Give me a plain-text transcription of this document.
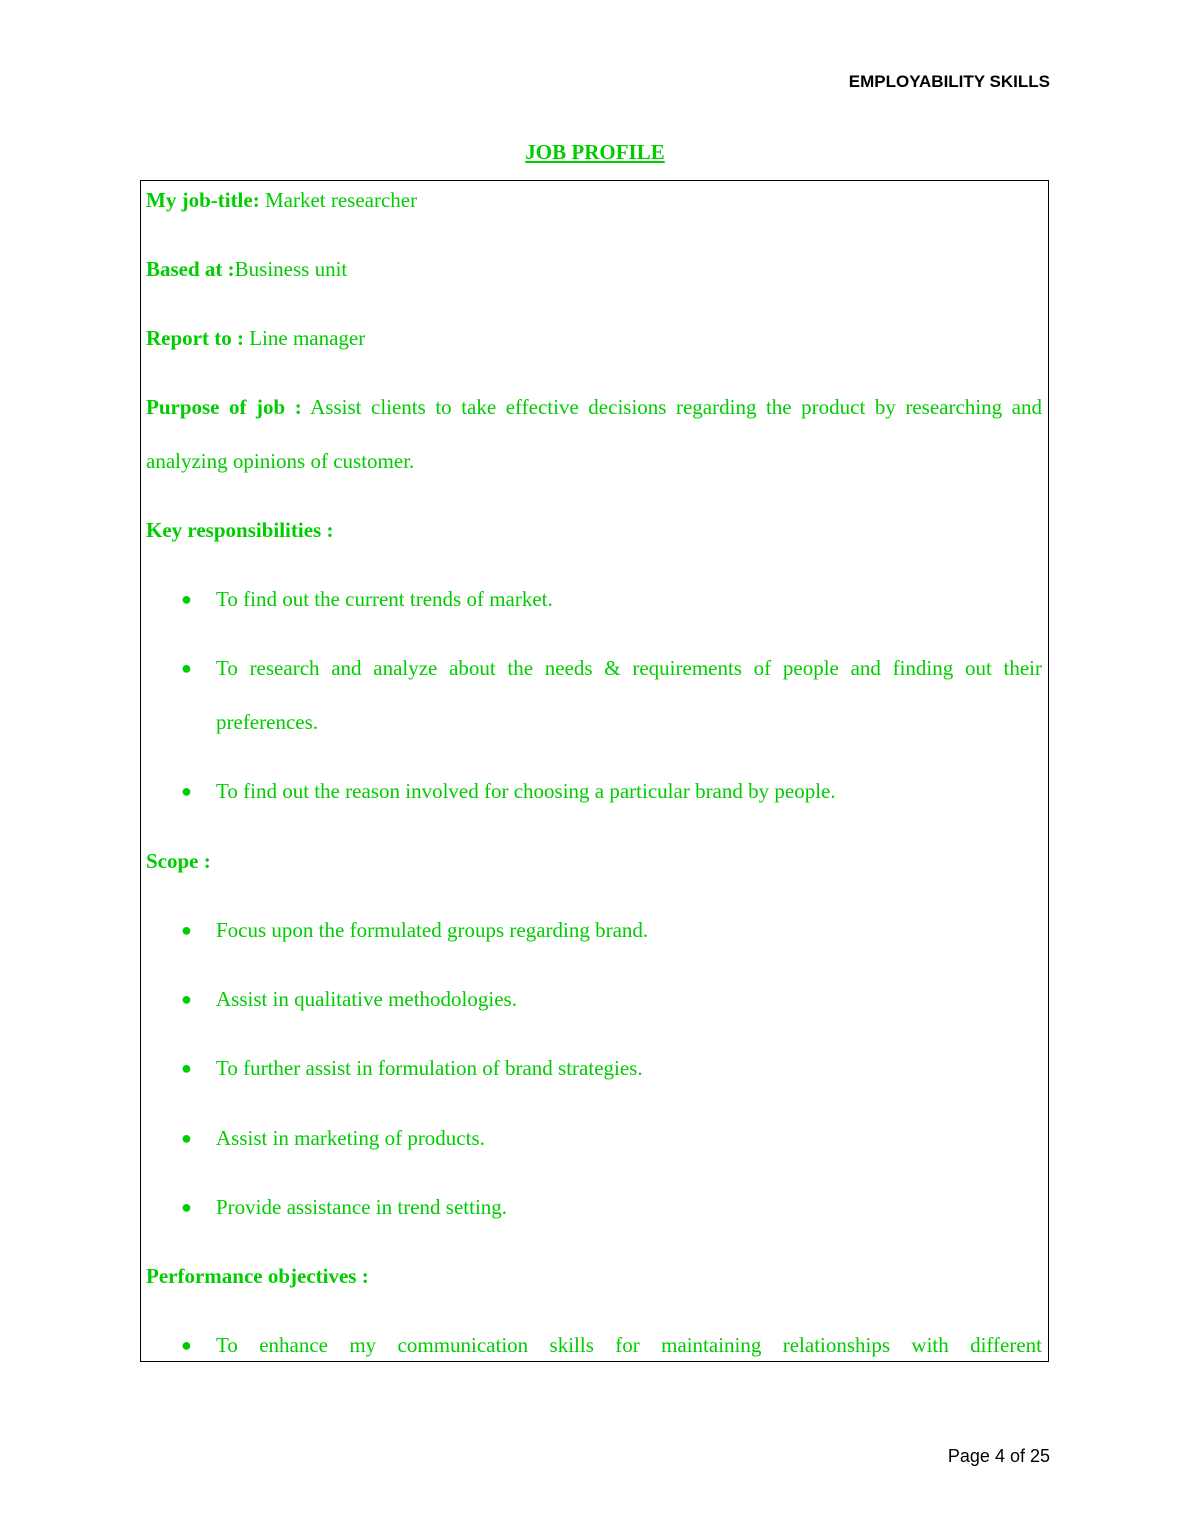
EMPLOYABILITY SKILLS
JOB PROFILE
My job-title: Market researcher
Based at :Business unit
Report to : Line manager
Purpose of job : Assist clients to take effective decisions regarding the product by researching and analyzing opinions of customer.
Key responsibilities :
● To find out the current trends of market.
● To research and analyze about the needs & requirements of people and finding out their preferences.
● To find out the reason involved for choosing a particular brand by people.
Scope :
● Focus upon the formulated groups regarding brand.
● Assist in qualitative methodologies.
● To further assist in formulation of brand strategies.
● Assist in marketing of products.
● Provide assistance in trend setting.
Performance objectives :
● To enhance my communication skills for maintaining relationships with different
Page 4 of 25
